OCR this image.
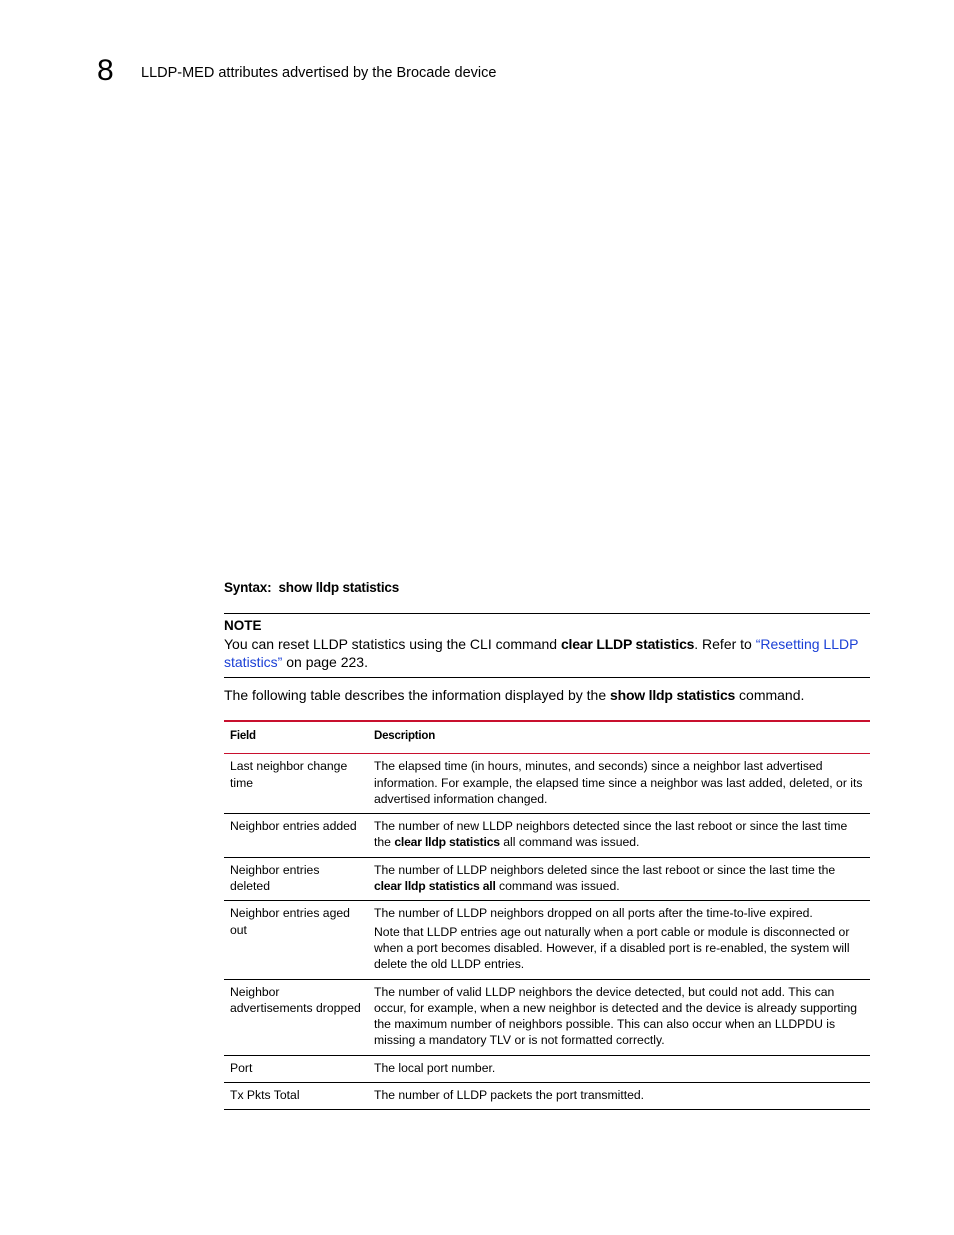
8 LLDP-MED attributes advertised by the Brocade device
Syntax: show lldp statistics
NOTE
You can reset LLDP statistics using the CLI command clear LLDP statistics. Refer to “Resetting LLDP statistics” on page 223.
The following table describes the information displayed by the show lldp statistics command.
Field	Description
Last neighbor change time	The elapsed time (in hours, minutes, and seconds) since a neighbor last advertised information. For example, the elapsed time since a neighbor was last added, deleted, or its advertised information changed.
Neighbor entries added	The number of new LLDP neighbors detected since the last reboot or since the last time the clear lldp statistics all command was issued.
Neighbor entries deleted	The number of LLDP neighbors deleted since the last reboot or since the last time the clear lldp statistics all command was issued.
Neighbor entries aged out	The number of LLDP neighbors dropped on all ports after the time-to-live expired.
Note that LLDP entries age out naturally when a port cable or module is disconnected or when a port becomes disabled. However, if a disabled port is re-enabled, the system will delete the old LLDP entries.

Neighbor advertisements dropped	The number of valid LLDP neighbors the device detected, but could not add. This can occur, for example, when a new neighbor is detected and the device is already supporting the maximum number of neighbors possible. This can also occur when an LLDPDU is missing a mandatory TLV or is not formatted correctly.
Port	The local port number.
Tx Pkts Total	The number of LLDP packets the port transmitted.
